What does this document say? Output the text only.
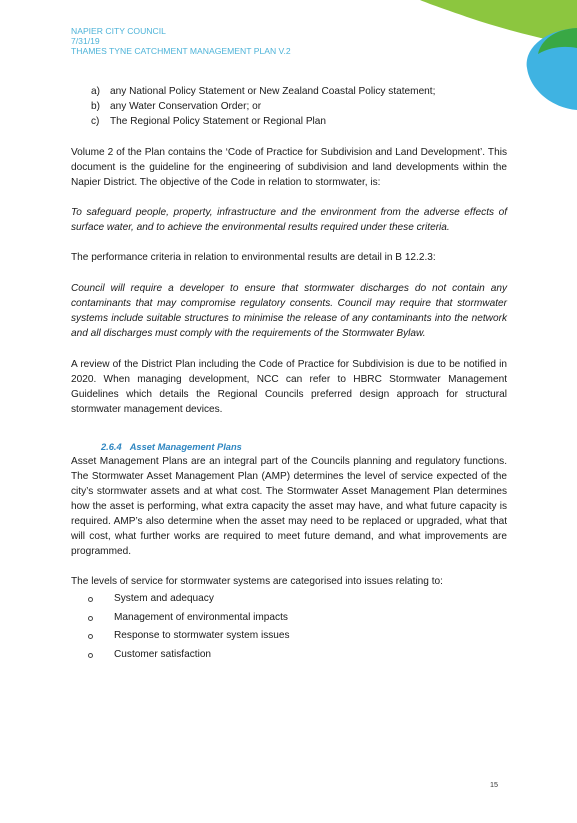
NAPIER CITY COUNCIL
7/31/19
THAMES TYNE CATCHMENT MANAGEMENT PLAN V.2
a) any National Policy Statement or New Zealand Coastal Policy statement;
b) any Water Conservation Order; or
c) The Regional Policy Statement or Regional Plan

Volume 2 of the Plan contains the ‘Code of Practice for Subdivision and Land Development’. This document is the guideline for the engineering of subdivision and land developments within the Napier District. The objective of the Code in relation to stormwater, is:

To safeguard people, property, infrastructure and the environment from the adverse effects of surface water, and to achieve the environmental results required under these criteria.

The performance criteria in relation to environmental results are detail in B 12.2.3:

Council will require a developer to ensure that stormwater discharges do not contain any contaminants that may compromise regulatory consents. Council may require that stormwater systems include suitable structures to minimise the release of any contaminants into the network and all discharges must comply with the requirements of the Stormwater Bylaw.

A review of the District Plan including the Code of Practice for Subdivision is due to be notified in 2020. When managing development, NCC can refer to HBRC Stormwater Management Guidelines which details the Regional Councils preferred design approach for structural stormwater management devices.

2.6.4 Asset Management Plans

Asset Management Plans are an integral part of the Councils planning and regulatory functions. The Stormwater Asset Management Plan (AMP) determines the level of service expected of the city’s stormwater assets and at what cost. The Stormwater Asset Management Plan determines how the asset is performing, what extra capacity the asset may have, and what future capacity is required. AMP’s also determine when the asset may need to be replaced or upgraded, what that will cost, what further works are required to meet future demand, and what improvements are programmed.

The levels of service for stormwater systems are categorised into issues relating to:

System and adequacy
Management of environmental impacts
Response to stormwater system issues
Customer satisfaction
15
